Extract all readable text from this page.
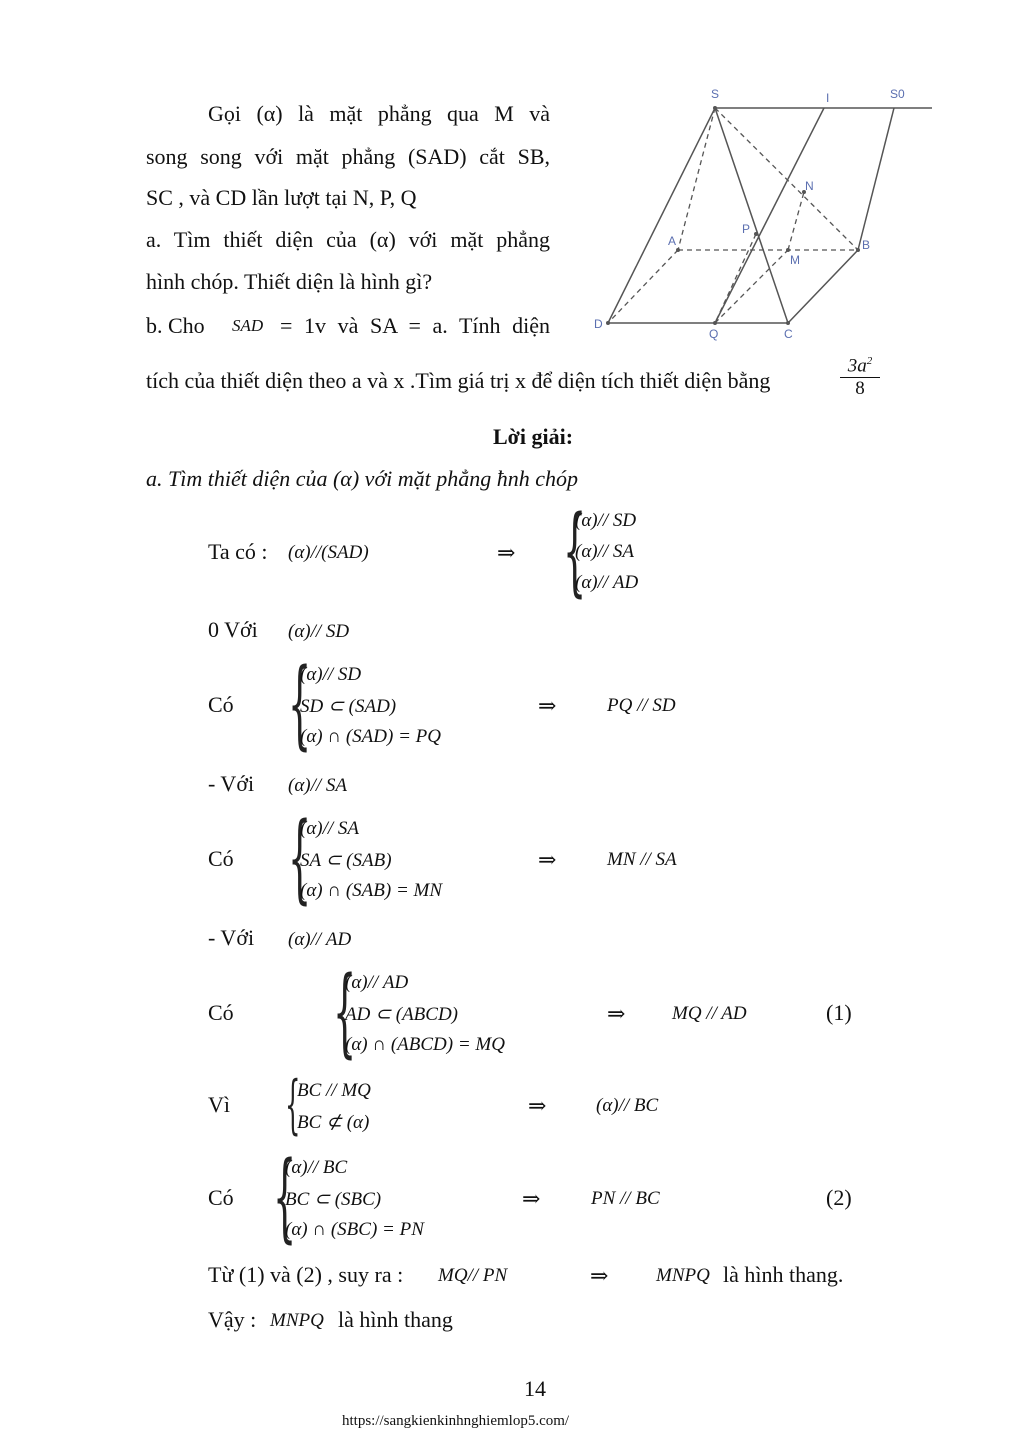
Gọi (α) là mặt phẳng qua M và
song song với mặt phẳng (SAD) cắt SB,
SC , và CD lần lượt tại N, P, Q
a. Tìm thiết diện của (α) với mặt phẳng
hình chóp. Thiết diện là hình gì?
b. Cho SAD = 1v và SA = a. Tính diện
tích của thiết diện theo a và x .Tìm giá trị x để diện tích thiết diện bằng	$\frac{3a^2}{8}$
S	I	S0
N
P
A
M
B
D
Q	C
Lời giải:
a. Tìm thiết diện của (α) với mặt phẳng ħnh chóp
Ta có : (α)//(SAD)	⇒ {
(α)// SD
(α)// SA
(α)// AD
0 Với (α)// SD
Có {
(α)// SD
SD ⊂ (SAD)
(α) ∩ (SAD) = PQ
⇒	PQ // SD
- Với (α)// SA
Có {
(α)// SA
SA ⊂ (SAB)
(α) ∩ (SAB) = MN
⇒	MN // SA
- Với (α)// AD
Có {
(α)// AD
AD ⊂ (ABCD)
(α) ∩ (ABCD) = MQ
⇒ MQ // AD	(1)
Vì {
BC // MQ
BC ⊄ (α)
⇒	(α)// BC
Có {
(α)// BC
BC ⊂ (SBC)
(α) ∩ (SBC) = PN
⇒	PN // BC	(2)
Từ (1) và (2) , suy ra : MQ// PN	⇒	MNPQ là hình thang.
Vậy : MNPQ là hình thang
14
https://sangkienkinhnghiemlop5.com/
